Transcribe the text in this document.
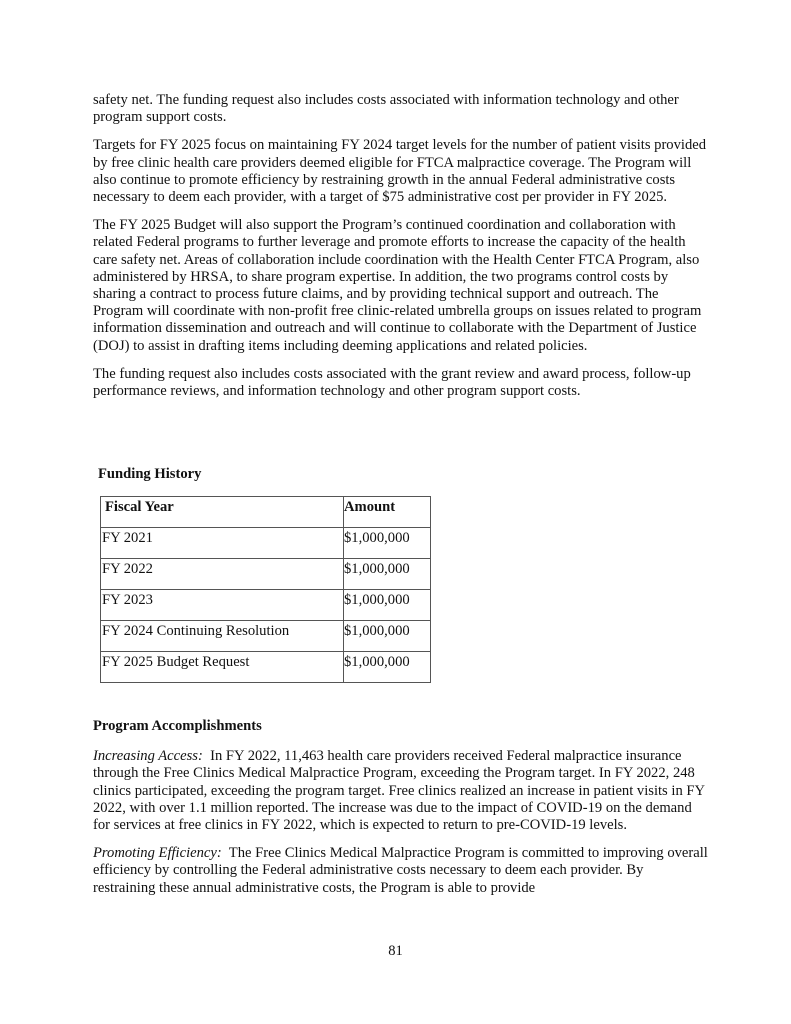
safety net. The funding request also includes costs associated with information technology and other program support costs.

Targets for FY 2025 focus on maintaining FY 2024 target levels for the number of patient visits provided by free clinic health care providers deemed eligible for FTCA malpractice coverage. The Program will also continue to promote efficiency by restraining growth in the annual Federal administrative costs necessary to deem each provider, with a target of $75 administrative cost per provider in FY 2025.

The FY 2025 Budget will also support the Program’s continued coordination and collaboration with related Federal programs to further leverage and promote efforts to increase the capacity of the health care safety net. Areas of collaboration include coordination with the Health Center FTCA Program, also administered by HRSA, to share program expertise. In addition, the two programs control costs by sharing a contract to process future claims, and by providing technical support and outreach. The Program will coordinate with non-profit free clinic-related umbrella groups on issues related to program information dissemination and outreach and will continue to collaborate with the Department of Justice (DOJ) to assist in drafting items including deeming applications and related policies.

The funding request also includes costs associated with the grant review and award process, follow-up performance reviews, and information technology and other program support costs.

Funding History
Fiscal Year	Amount

FY 2021	$1,000,000

FY 2022	$1,000,000

FY 2023	$1,000,000

FY 2024 Continuing Resolution	$1,000,000

FY 2025 Budget Request	$1,000,000
Program Accomplishments

Increasing Access: In FY 2022, 11,463 health care providers received Federal malpractice insurance through the Free Clinics Medical Malpractice Program, exceeding the Program target. In FY 2022, 248 clinics participated, exceeding the program target. Free clinics realized an increase in patient visits in FY 2022, with over 1.1 million reported. The increase was due to the impact of COVID-19 on the demand for services at free clinics in FY 2022, which is expected to return to pre-COVID-19 levels.

Promoting Efficiency: The Free Clinics Medical Malpractice Program is committed to improving overall efficiency by controlling the Federal administrative costs necessary to deem each provider. By restraining these annual administrative costs, the Program is able to provide

81
